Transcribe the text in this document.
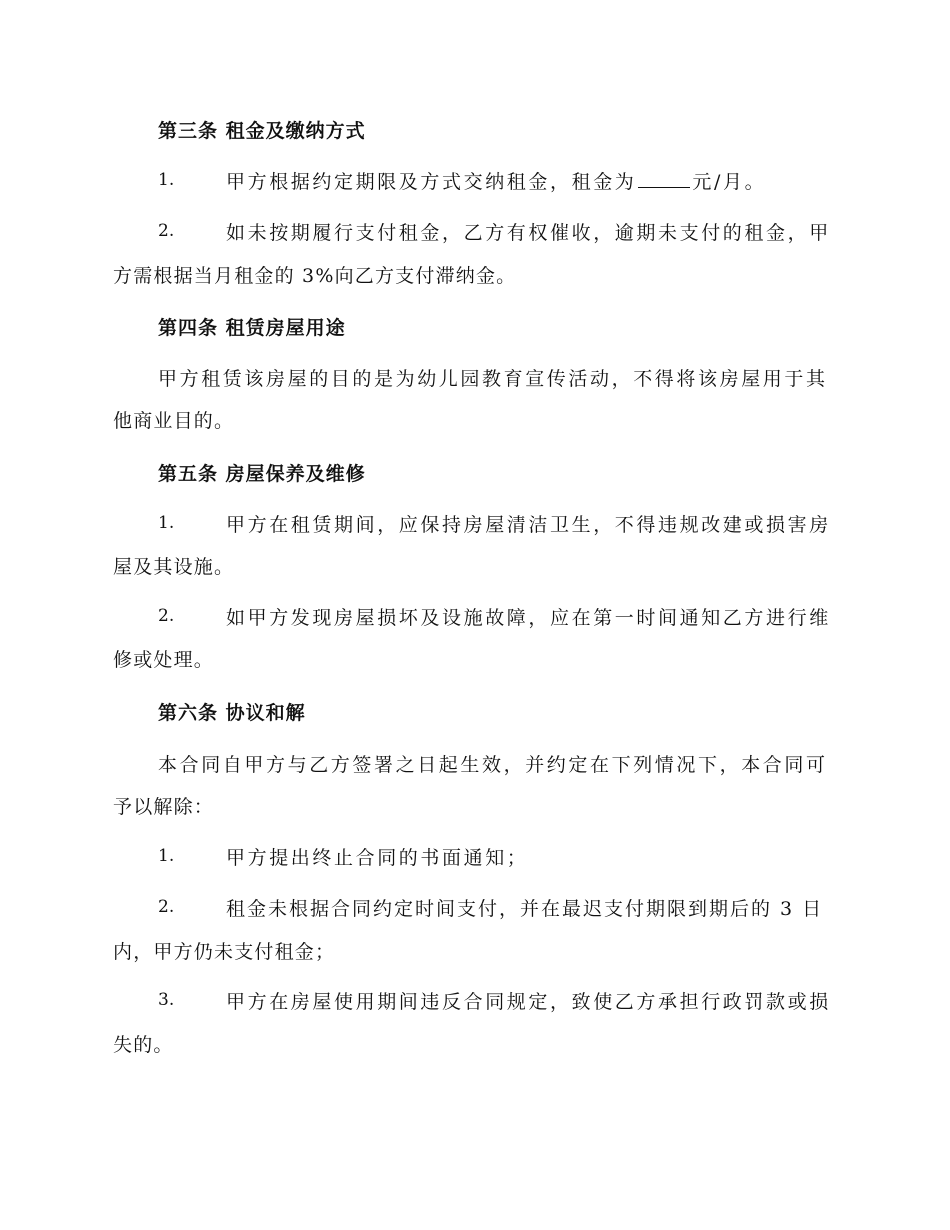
第三条 租金及缴纳方式
1.	甲方根据约定期限及方式交纳租金，租金为	元/月。
2.	如未按期履行支付租金，乙方有权催收，逾期未支付的租金，甲
方需根据当月租金的 3%向乙方支付滞纳金。
第四条 租赁房屋用途
甲方租赁该房屋的目的是为幼儿园教育宣传活动，不得将该房屋用于其
他商业目的。
第五条 房屋保养及维修
1.	甲方在租赁期间，应保持房屋清洁卫生，不得违规改建或损害房
屋及其设施。
2.	如甲方发现房屋损坏及设施故障，应在第一时间通知乙方进行维
修或处理。
第六条 协议和解
本合同自甲方与乙方签署之日起生效，并约定在下列情况下，本合同可
予以解除：
1.	甲方提出终止合同的书面通知；
2.	租金未根据合同约定时间支付，并在最迟支付期限到期后的 3 日
内，甲方仍未支付租金；
3.	甲方在房屋使用期间违反合同规定，致使乙方承担行政罚款或损
失的。
